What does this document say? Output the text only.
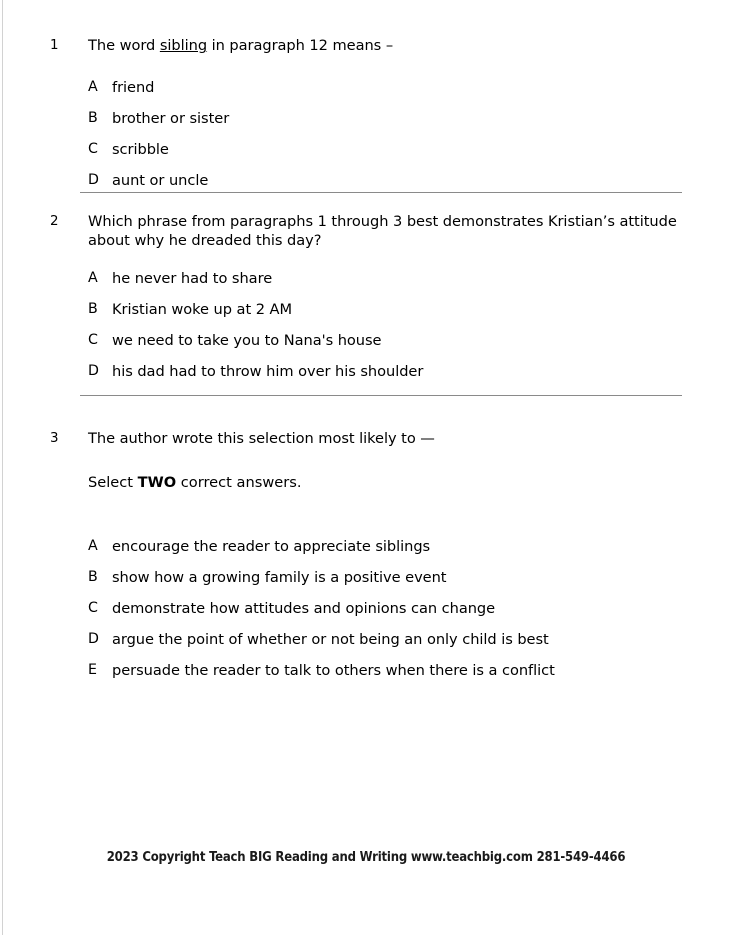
1	The word sibling in paragraph 12 means –
A friend
B brother or sister
C scribble
D aunt or uncle
2	Which phrase from paragraphs 1 through 3 best demonstrates Kristian’s attitude about why he dreaded this day?
A he never had to share
B Kristian woke up at 2 AM
C we need to take you to Nana's house
D his dad had to throw him over his shoulder
3	The author wrote this selection most likely to —
Select TWO correct answers.
A encourage the reader to appreciate siblings
B show how a growing family is a positive event
C demonstrate how attitudes and opinions can change
D argue the point of whether or not being an only child is best
E	persuade the reader to talk to others when there is a conflict
2023 Copyright Teach BIG Reading and Writing www.teachbig.com 281-549-4466
